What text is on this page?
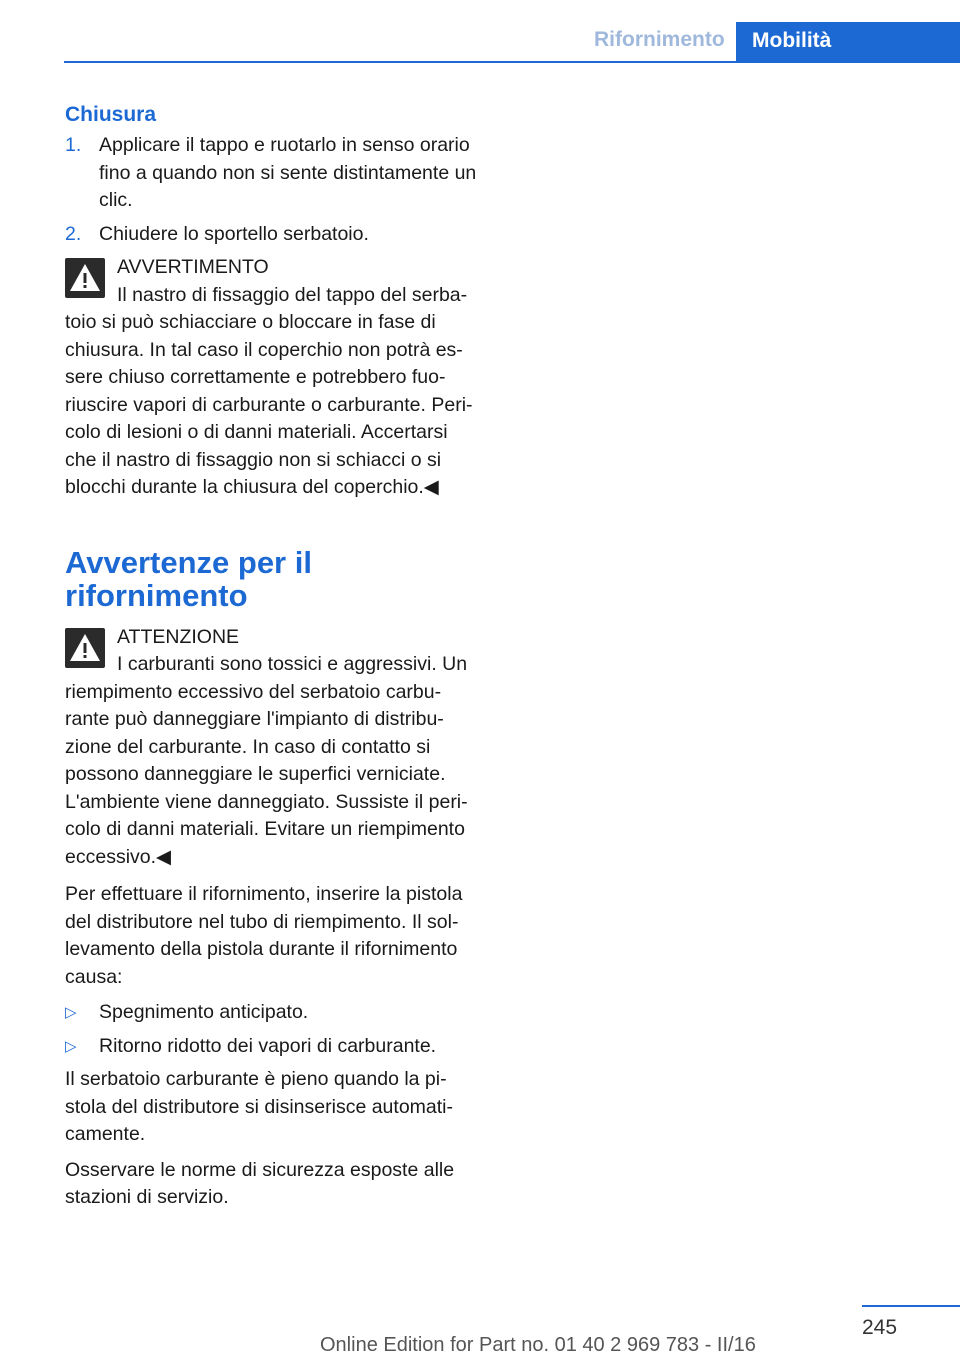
Rifornimento	Mobilità
Chiusura
1. Applicare il tappo e ruotarlo in senso orario fino a quando non si sente distintamente un clic.
2. Chiudere lo sportello serbatoio.
AVVERTIMENTO
Il nastro di fissaggio del tappo del serba-toio si può schiacciare o bloccare in fase di chiusura. In tal caso il coperchio non potrà es-sere chiuso correttamente e potrebbero fuo-riuscire vapori di carburante o carburante. Peri-colo di lesioni o di danni materiali. Accertarsi che il nastro di fissaggio non si schiacci o si blocchi durante la chiusura del coperchio.◀
Avvertenze per il rifornimento
ATTENZIONE
I carburanti sono tossici e aggressivi. Un riempimento eccessivo del serbatoio carbu-rante può danneggiare l'impianto di distribu-zione del carburante. In caso di contatto si possono danneggiare le superfici verniciate. L'ambiente viene danneggiato. Sussiste il peri-colo di danni materiali. Evitare un riempimento eccessivo.◀

Per effettuare il rifornimento, inserire la pistola del distributore nel tubo di riempimento. Il sol-levamento della pistola durante il rifornimento causa:

▷ Spegnimento anticipato.
▷ Ritorno ridotto dei vapori di carburante.

Il serbatoio carburante è pieno quando la pi-stola del distributore si disinserisce automati-camente.

Osservare le norme di sicurezza esposte alle stazioni di servizio.

245
Online Edition for Part no. 01 40 2 969 783 - II/16
